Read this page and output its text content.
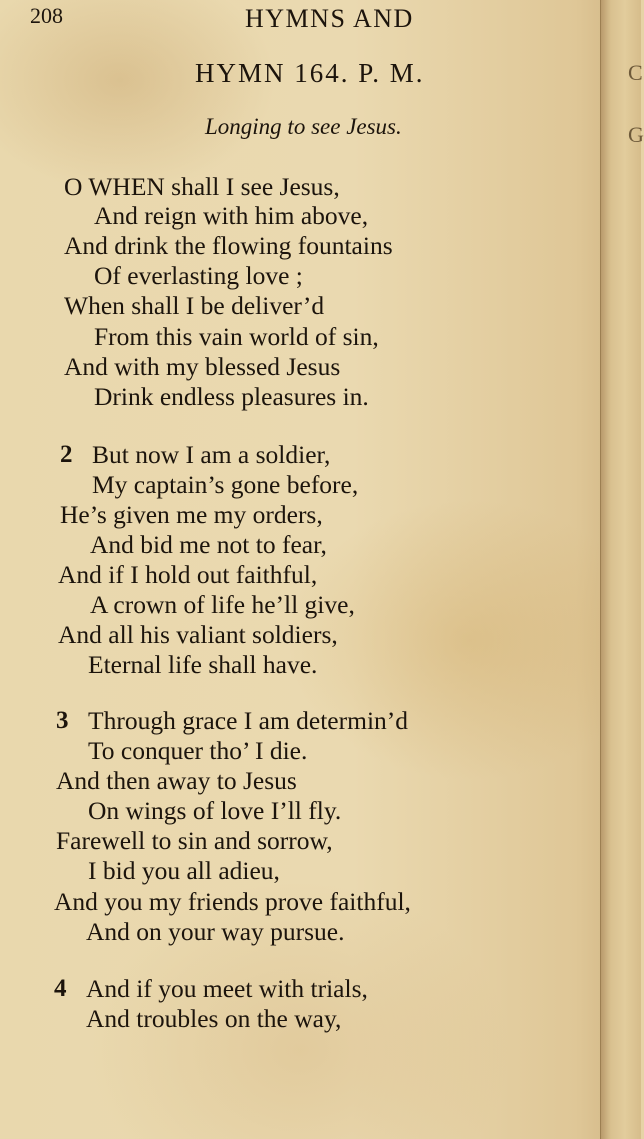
C
G
208	HYMNS AND
HYMN 164. P. M.
Longing to see Jesus.
O WHEN shall I see Jesus,
And reign with him above,
And drink the flowing fountains
Of everlasting love ;
When shall I be deliver’d
From this vain world of sin,
And with my blessed Jesus
Drink endless pleasures in.
2 But now I am a soldier,
My captain’s gone before,
He’s given me my orders,
And bid me not to fear,
And if I hold out faithful,
A crown of life he’ll give,
And all his valiant soldiers,
Eternal life shall have.
3 Through grace I am determin’d
To conquer tho’ I die.
And then away to Jesus
On wings of love I’ll fly.
Farewell to sin and sorrow,
I bid you all adieu,
And you my friends prove faithful,
And on your way pursue.
4 And if you meet with trials,
And troubles on the way,
